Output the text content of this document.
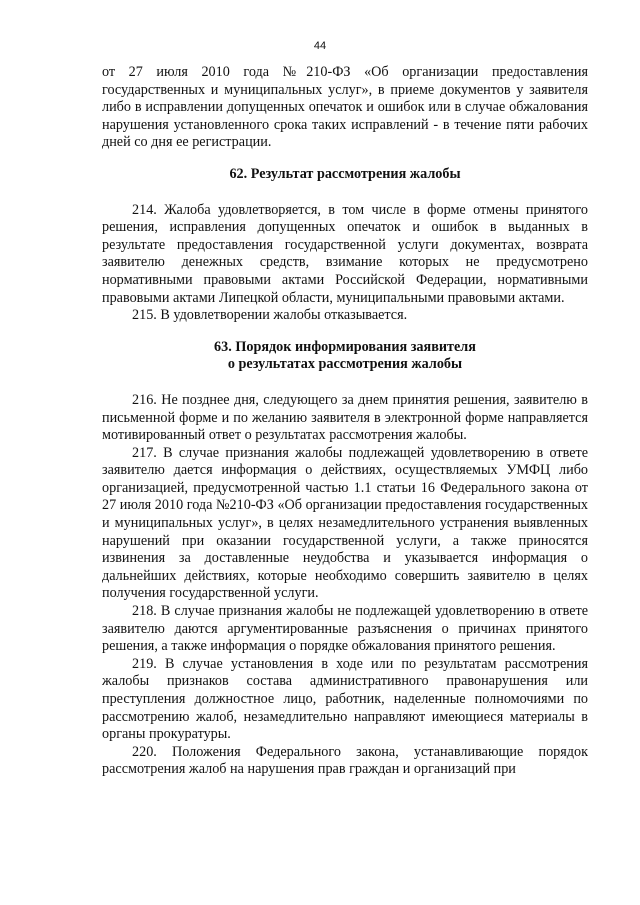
44

от 27 июля 2010 года №210-ФЗ «Об организации предоставления государственных и муниципальных услуг», в приеме документов у заявителя либо в исправлении допущенных опечаток и ошибок или в случае обжалования нарушения установленного срока таких исправлений - в течение пяти рабочих дней со дня ее регистрации.

62. Результат рассмотрения жалобы

214. Жалоба удовлетворяется, в том числе в форме отмены принятого решения, исправления допущенных опечаток и ошибок в выданных в результате предоставления государственной услуги документах, возврата заявителю денежных средств, взимание которых не предусмотрено нормативными правовыми актами Российской Федерации, нормативными правовыми актами Липецкой области, муниципальными правовыми актами.

215. В удовлетворении жалобы отказывается.

63. Порядок информирования заявителя
о результатах рассмотрения жалобы

216. Не позднее дня, следующего за днем принятия решения, заявителю в письменной форме и по желанию заявителя в электронной форме направляется мотивированный ответ о результатах рассмотрения жалобы.

217. В случае признания жалобы подлежащей удовлетворению в ответе заявителю дается информация о действиях, осуществляемых УМФЦ либо организацией, предусмотренной частью 1.1 статьи 16 Федерального закона от 27 июля 2010 года №210-ФЗ «Об организации предоставления государственных и муниципальных услуг», в целях незамедлительного устранения выявленных нарушений при оказании государственной услуги, а также приносятся извинения за доставленные неудобства и указывается информация о дальнейших действиях, которые необходимо совершить заявителю в целях получения государственной услуги.

218. В случае признания жалобы не подлежащей удовлетворению в ответе заявителю даются аргументированные разъяснения о причинах принятого решения, а также информация о порядке обжалования принятого решения.

219. В случае установления в ходе или по результатам рассмотрения жалобы признаков состава административного правонарушения или преступления должностное лицо, работник, наделенные полномочиями по рассмотрению жалоб, незамедлительно направляют имеющиеся материалы в органы прокуратуры.

220. Положения Федерального закона, устанавливающие порядок рассмотрения жалоб на нарушения прав граждан и организаций при
